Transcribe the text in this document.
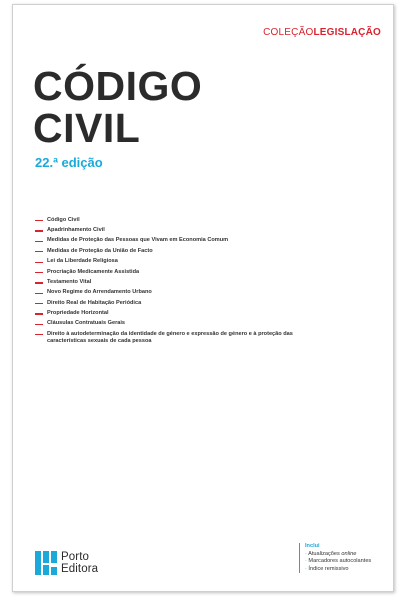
COLEÇÃOLEGISLAÇÃO
CÓDIGO
CIVIL
22.ª edição
Código Civil
Apadrinhamento Civil
Medidas de Proteção das Pessoas que Vivam em Economia Comum
Medidas de Proteção da União de Facto
Lei da Liberdade Religiosa
Procriação Medicamente Assistida
Testamento Vital
Novo Regime do Arrendamento Urbano
Direito Real de Habitação Periódica
Propriedade Horizontal
Cláusulas Contratuais Gerais
Direito à autodeterminação da identidade de género e expressão de género e à proteção das características sexuais de cada pessoa
Porto
Editora
Inclui
· Atualizações online
· Marcadores autocolantes
· Índice remissivo
